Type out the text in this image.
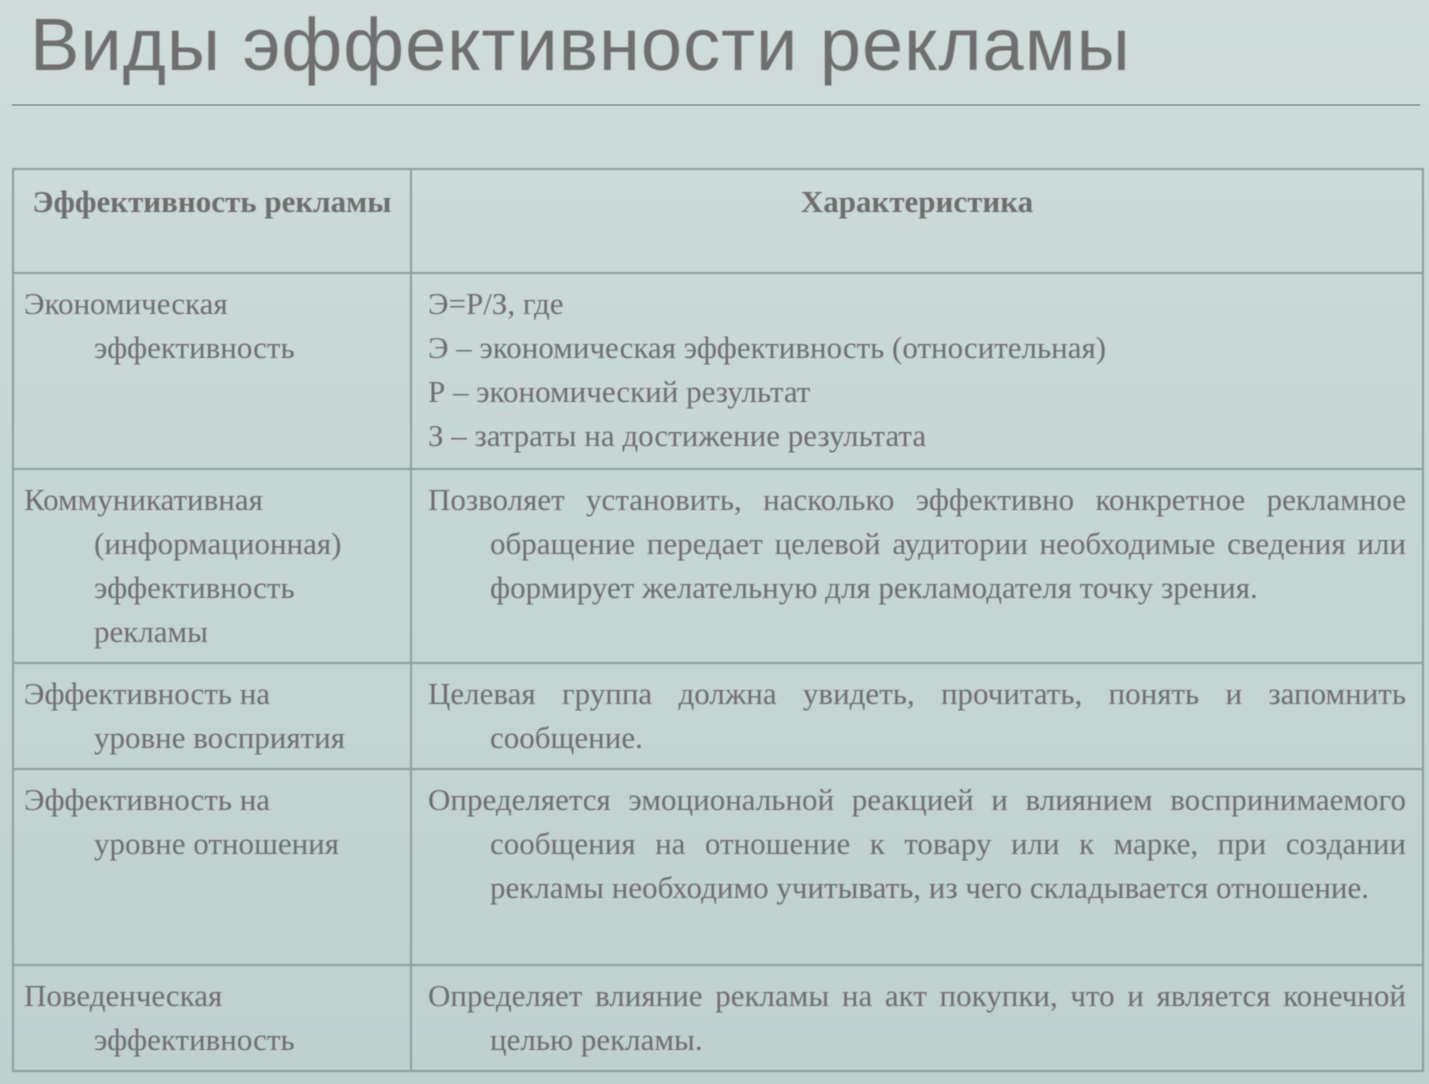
Виды эффективности рекламы
Эффективность рекламы	Характеристика

Экономическая
эффективность	Э=Р/З, где
Э – экономическая эффективность (относительная)
Р – экономический результат
З – затраты на достижение результата

Коммуникативная
(информационная) эффективность рекламы	Позволяет установить, насколько эффективно конкретное рекламное обращение передает целевой аудитории необходимые сведения или формирует желательную для рекламодателя точку зрения.

Эффективность на
уровне восприятия	Целевая группа должна увидеть, прочитать, понять и запомнить сообщение.

Эффективность на
уровне отношения	Определяется эмоциональной реакцией и влиянием воспринимаемого сообщения на отношение к товару или к марке, при создании рекламы необходимо учитывать, из чего складывается отношение.

Поведенческая
эффективность	Определяет влияние рекламы на акт покупки, что и является конечной целью рекламы.
